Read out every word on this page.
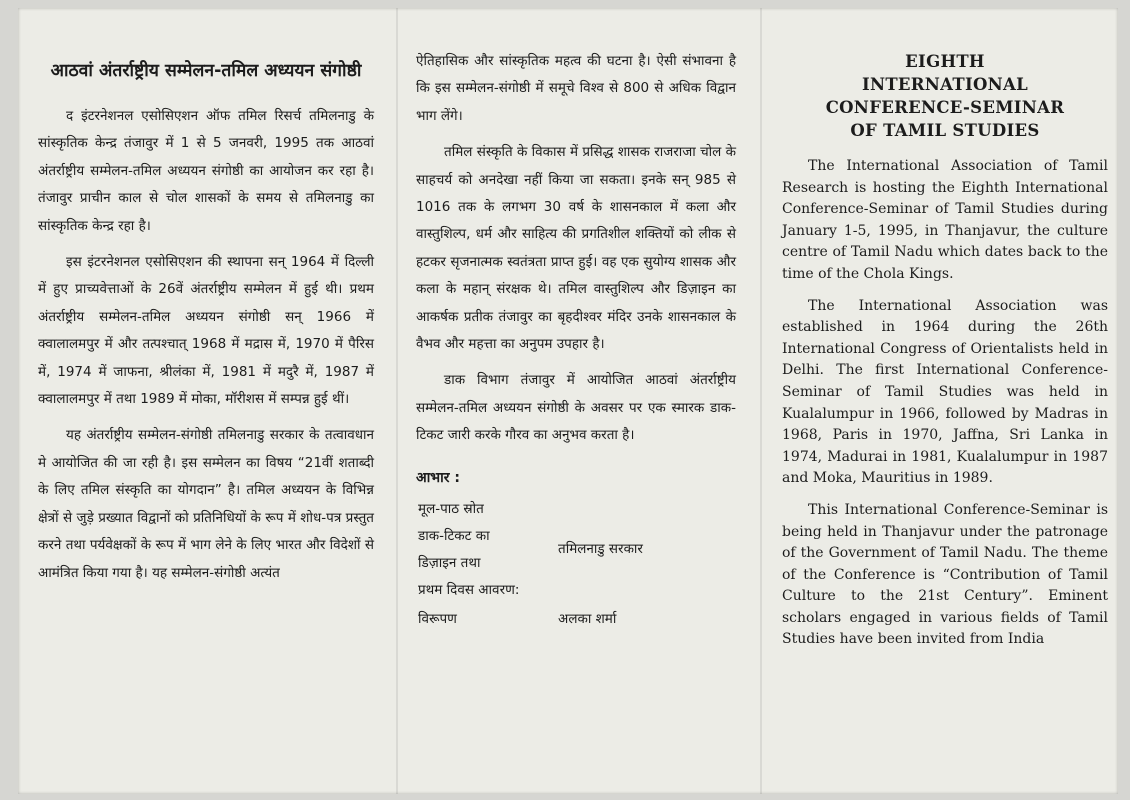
आठवां अंतर्राष्ट्रीय सम्मेलन-तमिल अध्ययन संगोष्ठी

द इंटरनेशनल एसोसिएशन ऑफ तमिल रिसर्च तमिलनाडु के सांस्कृतिक केन्द्र तंजावुर में 1 से 5 जनवरी, 1995 तक आठवां अंतर्राष्ट्रीय सम्मेलन-तमिल अध्ययन संगोष्ठी का आयोजन कर रहा है। तंजावुर प्राचीन काल से चोल शासकों के समय से तमिलनाडु का सांस्कृतिक केन्द्र रहा है।

इस इंटरनेशनल एसोसिएशन की स्थापना सन् 1964 में दिल्ली में हुए प्राच्यवेत्ताओं के 26वें अंतर्राष्ट्रीय सम्मेलन में हुई थी। प्रथम अंतर्राष्ट्रीय सम्मेलन-तमिल अध्ययन संगोष्ठी सन् 1966 में क्वालालमपुर में और तत्पश्चात् 1968 में मद्रास में, 1970 में पैरिस में, 1974 में जाफना, श्रीलंका में, 1981 में मदुरै में, 1987 में क्वालालमपुर में तथा 1989 में मोका, मॉरीशस में सम्पन्न हुई थीं।

यह अंतर्राष्ट्रीय सम्मेलन-संगोष्ठी तमिलनाडु सरकार के तत्वावधान मे आयोजित की जा रही है। इस सम्मेलन का विषय “21वीं शताब्दी के लिए तमिल संस्कृति का योगदान” है। तमिल अध्ययन के विभिन्न क्षेत्रों से जुड़े प्रख्यात विद्वानों को प्रतिनिधियों के रूप में शोध-पत्र प्रस्तुत करने तथा पर्यवेक्षकों के रूप में भाग लेने के लिए भारत और विदेशों से आमंत्रित किया गया है। यह सम्मेलन-संगोष्ठी अत्यंत

ऐतिहासिक और सांस्कृतिक महत्व की घटना है। ऐसी संभावना है कि इस सम्मेलन-संगोष्ठी में समूचे विश्व से 800 से अधिक विद्वान भाग लेंगे।

तमिल संस्कृति के विकास में प्रसिद्ध शासक राजराजा चोल के साहचर्य को अनदेखा नहीं किया जा सकता। इनके सन् 985 से 1016 तक के लगभग 30 वर्ष के शासनकाल में कला और वास्तुशिल्प, धर्म और साहित्य की प्रगतिशील शक्तियों को लीक से हटकर सृजनात्मक स्वतंत्रता प्राप्त हुई। वह एक सुयोग्य शासक और कला के महान् संरक्षक थे। तमिल वास्तुशिल्प और डिज़ाइन का आकर्षक प्रतीक तंजावुर का बृहदीश्वर मंदिर उनके शासनकाल के वैभव और महत्ता का अनुपम उपहार है।

डाक विभाग तंजावुर में आयोजित आठवां अंतर्राष्ट्रीय सम्मेलन-तमिल अध्ययन संगोष्ठी के अवसर पर एक स्मारक डाक-टिकट जारी करके गौरव का अनुभव करता है।

आभार :
मूल-पाठ स्रोत
डाक-टिकट का
डिज़ाइन तथा
प्रथम दिवस आवरण:
विरूपण
तमिलनाडु सरकार
अलका शर्मा
EIGHTH
INTERNATIONAL
CONFERENCE-SEMINAR
OF TAMIL STUDIES

The International Association of Tamil Research is hosting the Eighth International Conference-Seminar of Tamil Studies during January 1-5, 1995, in Thanjavur, the culture centre of Tamil Nadu which dates back to the time of the Chola Kings.

The International Association was established in 1964 during the 26th International Congress of Orientalists held in Delhi. The first International Conference-Seminar of Tamil Studies was held in Kualalumpur in 1966, followed by Madras in 1968, Paris in 1970, Jaffna, Sri Lanka in 1974, Madurai in 1981, Kualalumpur in 1987 and Moka, Mauritius in 1989.

This International Conference-Seminar is being held in Thanjavur under the patronage of the Government of Tamil Nadu. The theme of the Conference is “Contribution of Tamil Culture to the 21st Century”. Eminent scholars engaged in various fields of Tamil Studies have been invited from India
